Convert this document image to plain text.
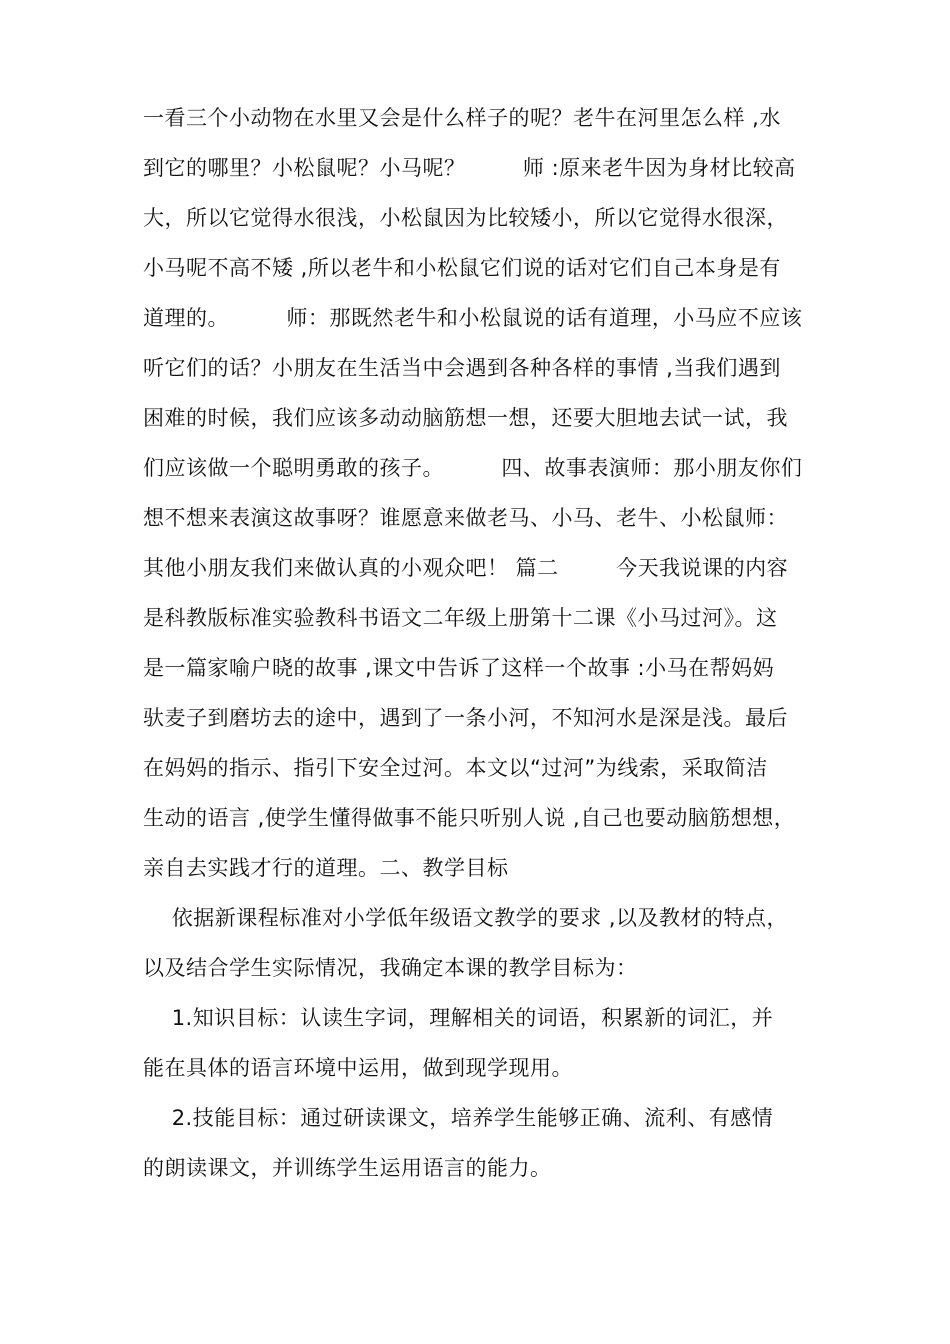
一看三个小动物在水里又会是什么样子的呢？老牛在河里怎么样 ,水
到它的哪里？小松鼠呢？小马呢？        师 :原来老牛因为身材比较高
大，所以它觉得水很浅，小松鼠因为比较矮小，所以它觉得水很深，
小马呢不高不矮 ,所以老牛和小松鼠它们说的话对它们自己本身是有
道理的。        师：那既然老牛和小松鼠说的话有道理，小马应不应该
听它们的话？小朋友在生活当中会遇到各种各样的事情 ,当我们遇到
困难的时候，我们应该多动动脑筋想一想，还要大胆地去试一试，我
们应该做一个聪明勇敢的孩子。        四、故事表演师：那小朋友你们
想不想来表演这故事呀？谁愿意来做老马、小马、老牛、小松鼠师：
其他小朋友我们来做认真的小观众吧！ 篇二        今天我说课的内容
是科教版标准实验教科书语文二年级上册第十二课《小马过河》。这
是一篇家喻户晓的故事 ,课文中告诉了这样一个故事 :小马在帮妈妈
驮麦子到磨坊去的途中，遇到了一条小河，不知河水是深是浅。最后
在妈妈的指示、指引下安全过河。本文以“过河”为线索，采取简洁
生动的语言 ,使学生懂得做事不能只听别人说 ,自己也要动脑筋想想，
亲自去实践才行的道理。二、教学目标
依据新课程标准对小学低年级语文教学的要求 ,以及教材的特点，
以及结合学生实际情况，我确定本课的教学目标为：
1.知识目标：认读生字词，理解相关的词语，积累新的词汇，并
能在具体的语言环境中运用，做到现学现用。
2.技能目标：通过研读课文，培养学生能够正确、流利、有感情
的朗读课文，并训练学生运用语言的能力。
